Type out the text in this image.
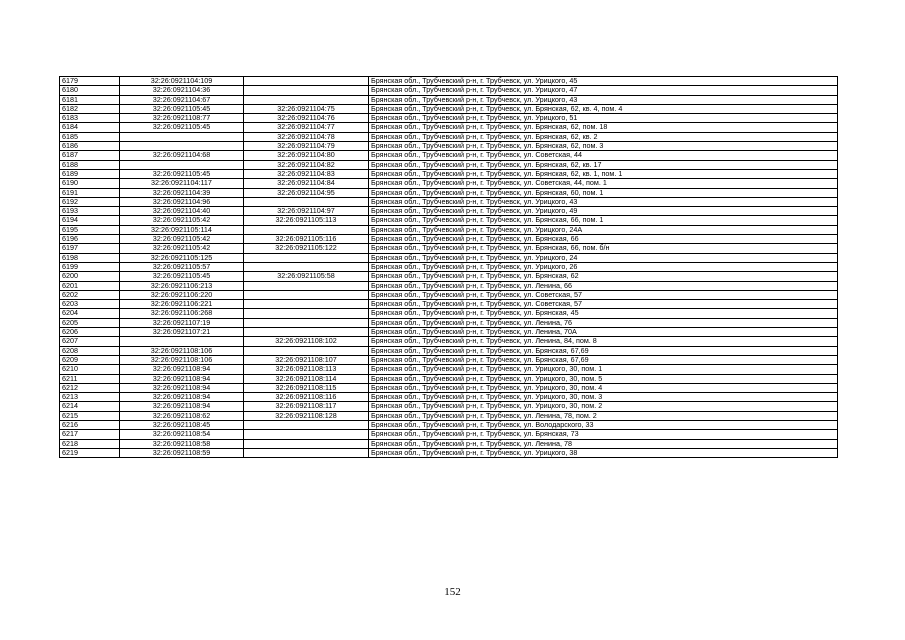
6179	32:26:0921104:109		Брянская обл., Трубчевский р-н, г. Трубчевск, ул. Урицкого, 45
6180	32:26:0921104:36		Брянская обл., Трубчевский р-н, г. Трубчевск, ул. Урицкого, 47
6181	32:26:0921104:67		Брянская обл., Трубчевский р-н, г. Трубчевск, ул. Урицкого, 43
6182	32:26:0921105:45	32:26:0921104:75	Брянская обл., Трубчевский р-н, г. Трубчевск, ул. Брянская, 62, кв. 4, пом. 4
6183	32:26:0921108:77	32:26:0921104:76	Брянская обл., Трубчевский р-н, г. Трубчевск, ул. Урицкого, 51
6184	32:26:0921105:45	32:26:0921104:77	Брянская обл., Трубчевский р-н, г. Трубчевск, ул. Брянская, 62, пом. 18
6185		32:26:0921104:78	Брянская обл., Трубчевский р-н, г. Трубчевск, ул. Брянская, 62, кв. 2
6186		32:26:0921104:79	Брянская обл., Трубчевский р-н, г. Трубчевск, ул. Брянская, 62, пом. 3
6187	32:26:0921104:68	32:26:0921104:80	Брянская обл., Трубчевский р-н, г. Трубчевск, ул. Советская, 44
6188		32:26:0921104:82	Брянская обл., Трубчевский р-н, г. Трубчевск, ул. Брянская, 62, кв. 17
6189	32:26:0921105:45	32:26:0921104:83	Брянская обл., Трубчевский р-н, г. Трубчевск, ул. Брянская, 62, кв. 1, пом. 1
6190	32:26:0921104:117	32:26:0921104:84	Брянская обл., Трубчевский р-н, г. Трубчевск, ул. Советская, 44, пом. 1
6191	32:26:0921104:39	32:26:0921104:95	Брянская обл., Трубчевский р-н, г. Трубчевск, ул. Брянская, 60, пом. 1
6192	32:26:0921104:96		Брянская обл., Трубчевский р-н, г. Трубчевск, ул. Урицкого, 43
6193	32:26:0921104:40	32:26:0921104:97	Брянская обл., Трубчевский р-н, г. Трубчевск, ул. Урицкого, 49
6194	32:26:0921105:42	32:26:0921105:113	Брянская обл., Трубчевский р-н, г. Трубчевск, ул. Брянская, 66, пом. 1
6195	32:26:0921105:114		Брянская обл., Трубчевский р-н, г. Трубчевск, ул. Урицкого, 24А
6196	32:26:0921105:42	32:26:0921105:116	Брянская обл., Трубчевский р-н, г. Трубчевск, ул. Брянская, 66
6197	32:26:0921105:42	32:26:0921105:122	Брянская обл., Трубчевский р-н, г. Трубчевск, ул. Брянская, 66, пом. б/н
6198	32:26:0921105:125		Брянская обл., Трубчевский р-н, г. Трубчевск, ул. Урицкого, 24
6199	32:26:0921105:57		Брянская обл., Трубчевский р-н, г. Трубчевск, ул. Урицкого, 26
6200	32:26:0921105:45	32:26:0921105:58	Брянская обл., Трубчевский р-н, г. Трубчевск, ул. Брянская, 62
6201	32:26:0921106:213		Брянская обл., Трубчевский р-н, г. Трубчевск, ул. Ленина, 66
6202	32:26:0921106:220		Брянская обл., Трубчевский р-н, г. Трубчевск, ул. Советская, 57
6203	32:26:0921106:221		Брянская обл., Трубчевский р-н, г. Трубчевск, ул. Советская, 57
6204	32:26:0921106:268		Брянская обл., Трубчевский р-н, г. Трубчевск, ул. Брянская, 45
6205	32:26:0921107:19		Брянская обл., Трубчевский р-н, г. Трубчевск, ул. Ленина, 76
6206	32:26:0921107:21		Брянская обл., Трубчевский р-н, г. Трубчевск, ул. Ленина, 70А
6207		32:26:0921108:102	Брянская обл., Трубчевский р-н, г. Трубчевск, ул. Ленина, 84, пом. 8
6208	32:26:0921108:106		Брянская обл., Трубчевский р-н, г. Трубчевск, ул. Брянская, 67,69
6209	32:26:0921108:106	32:26:0921108:107	Брянская обл., Трубчевский р-н, г. Трубчевск, ул. Брянская, 67,69
6210	32:26:0921108:94	32:26:0921108:113	Брянская обл., Трубчевский р-н, г. Трубчевск, ул. Урицкого, 30, пом. 1
6211	32:26:0921108:94	32:26:0921108:114	Брянская обл., Трубчевский р-н, г. Трубчевск, ул. Урицкого, 30, пом. 5
6212	32:26:0921108:94	32:26:0921108:115	Брянская обл., Трубчевский р-н, г. Трубчевск, ул. Урицкого, 30, пом. 4
6213	32:26:0921108:94	32:26:0921108:116	Брянская обл., Трубчевский р-н, г. Трубчевск, ул. Урицкого, 30, пом. 3
6214	32:26:0921108:94	32:26:0921108:117	Брянская обл., Трубчевский р-н, г. Трубчевск, ул. Урицкого, 30, пом. 2
6215	32:26:0921108:62	32:26:0921108:128	Брянская обл., Трубчевский р-н, г. Трубчевск, ул. Ленина, 78, пом. 2
6216	32:26:0921108:45		Брянская обл., Трубчевский р-н, г. Трубчевск, ул. Володарского, 33
6217	32:26:0921108:54		Брянская обл., Трубчевский р-н, г. Трубчевск, ул. Брянская, 73
6218	32:26:0921108:58		Брянская обл., Трубчевский р-н, г. Трубчевск, ул. Ленина, 78
6219	32:26:0921108:59		Брянская обл., Трубчевский р-н, г. Трубчевск, ул. Урицкого, 38
152
